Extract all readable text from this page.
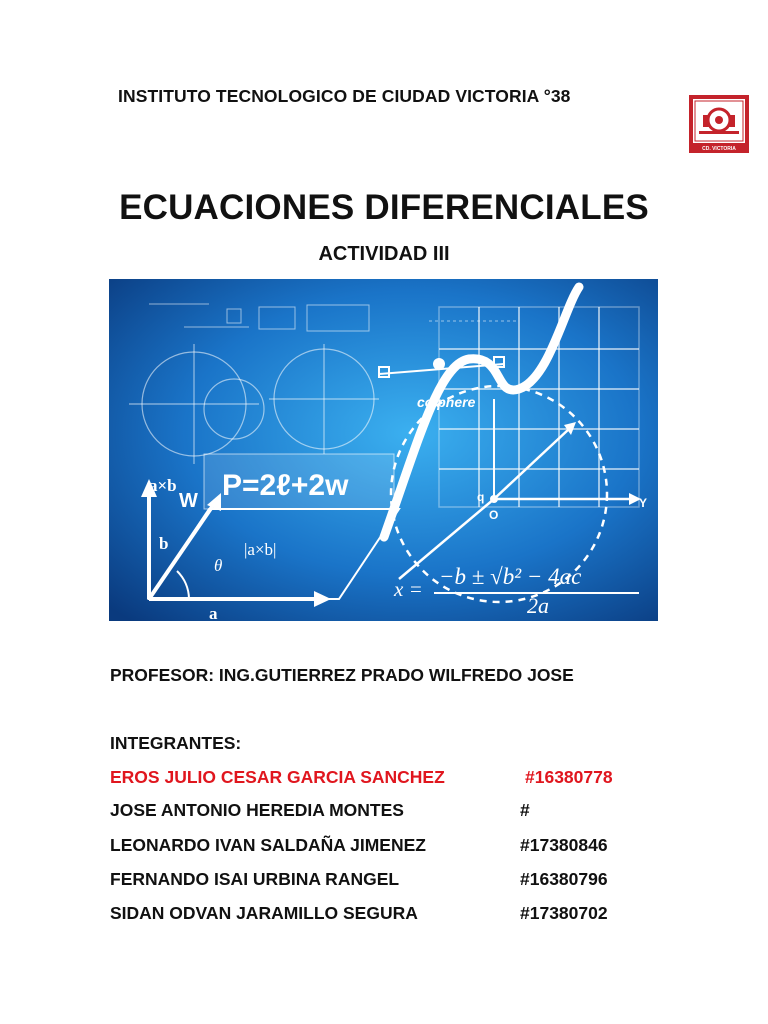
INSTITUTO TECNOLOGICO DE CIUDAD VICTORIA °38
CD. VICTORIA
ECUACIONES DIFERENCIALES
ACTIVIDAD III
P=2ℓ+2w
a×b
W
b
a
co phere
Y
O
q
θ
|a×b|
x = −b ± √b² − 4ac
2a
PROFESOR: ING.GUTIERREZ PRADO WILFREDO JOSE
INTEGRANTES:
EROS JULIO CESAR GARCIA SANCHEZ	#16380778
JOSE ANTONIO HEREDIA MONTES	#
LEONARDO IVAN SALDAÑA JIMENEZ	#17380846
FERNANDO ISAI URBINA RANGEL	#16380796
SIDAN ODVAN JARAMILLO SEGURA	#17380702
